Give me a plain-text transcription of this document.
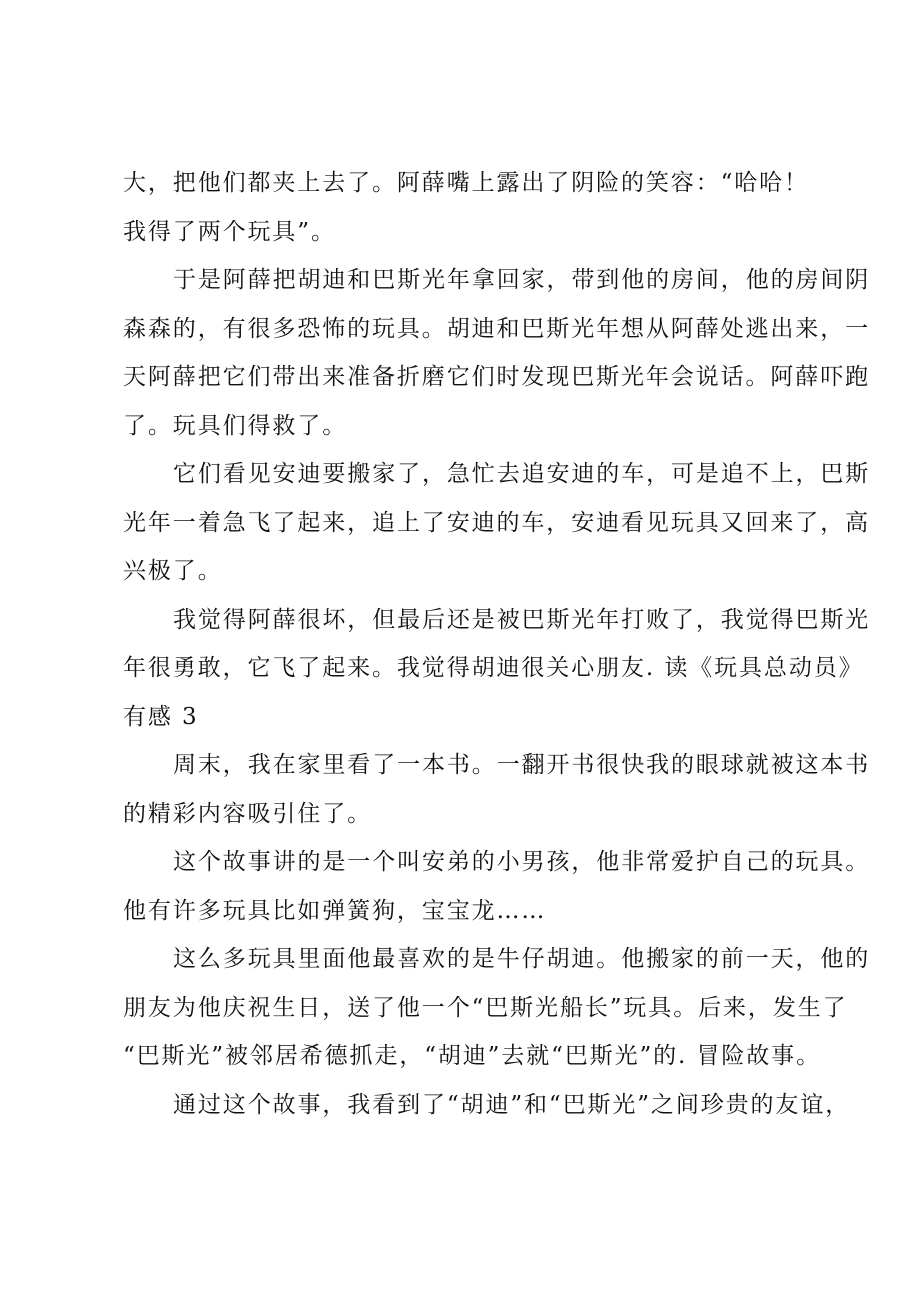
大，把他们都夹上去了。阿薛嘴上露出了阴险的笑容：“哈哈！
我得了两个玩具”。
于是阿薛把胡迪和巴斯光年拿回家，带到他的房间，他的房间阴
森森的，有很多恐怖的玩具。胡迪和巴斯光年想从阿薛处逃出来，一
天阿薛把它们带出来准备折磨它们时发现巴斯光年会说话。阿薛吓跑
了。玩具们得救了。
它们看见安迪要搬家了，急忙去追安迪的车，可是追不上，巴斯
光年一着急飞了起来，追上了安迪的车，安迪看见玩具又回来了，高
兴极了。
我觉得阿薛很坏，但最后还是被巴斯光年打败了，我觉得巴斯光
年很勇敢，它飞了起来。我觉得胡迪很关心朋友. 读《玩具总动员》
有感 3
周末，我在家里看了一本书。一翻开书很快我的眼球就被这本书
的精彩内容吸引住了。
这个故事讲的是一个叫安弟的小男孩，他非常爱护自己的玩具。
他有许多玩具比如弹簧狗，宝宝龙……
这么多玩具里面他最喜欢的是牛仔胡迪。他搬家的前一天，他的
朋友为他庆祝生日，送了他一个“巴斯光船长”玩具。后来，发生了
“巴斯光”被邻居希德抓走，“胡迪”去就“巴斯光”的. 冒险故事。
通过这个故事，我看到了“胡迪”和“巴斯光”之间珍贵的友谊，
